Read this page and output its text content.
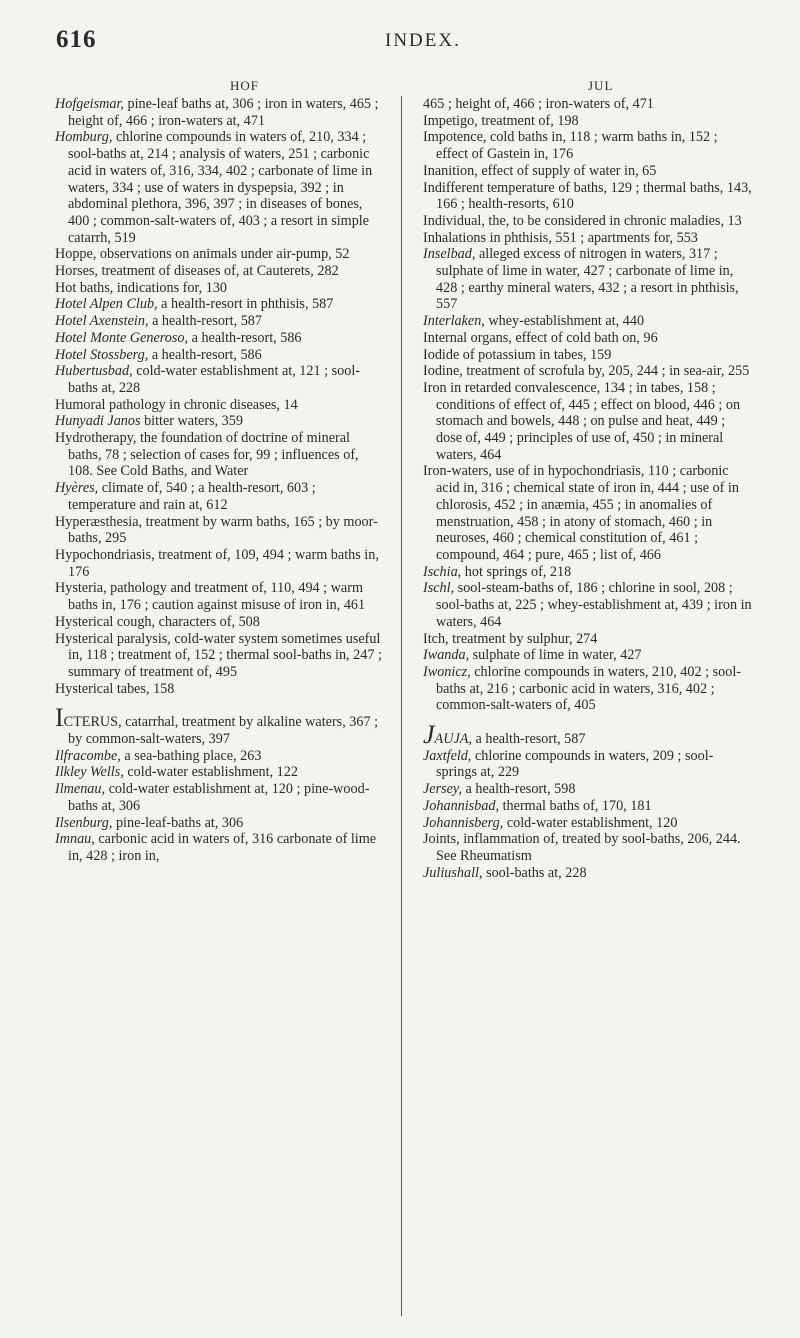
616	INDEX.
HOF	JUL

Hofgeismar, pine-leaf baths at, 306 ; iron in waters, 465 ; height of, 466 ; iron-waters at, 471

Homburg, chlorine compounds in waters of, 210, 334 ; sool-baths at, 214 ; analysis of waters, 251 ; carbonic acid in waters of, 316, 334, 402 ; carbonate of lime in waters, 334 ; use of waters in dyspepsia, 392 ; in abdominal plethora, 396, 397 ; in diseases of bones, 400 ; common-salt-waters of, 403 ; a resort in simple catarrh, 519

Hoppe, observations on animals under air-pump, 52

Horses, treatment of diseases of, at Cauterets, 282

Hot baths, indications for, 130

Hotel Alpen Club, a health-resort in phthisis, 587

Hotel Axenstein, a health-resort, 587

Hotel Monte Generoso, a health-resort, 586

Hotel Stossberg, a health-resort, 586

Hubertusbad, cold-water establishment at, 121 ; sool-baths at, 228

Humoral pathology in chronic diseases, 14

Hunyadi Janos bitter waters, 359

Hydrotherapy, the foundation of doctrine of mineral baths, 78 ; selection of cases for, 99 ; influences of, 108. See Cold Baths, and Water

Hyères, climate of, 540 ; a health-resort, 603 ; temperature and rain at, 612

Hyperæsthesia, treatment by warm baths, 165 ; by moor-baths, 295

Hypochondriasis, treatment of, 109, 494 ; warm baths in, 176

Hysteria, pathology and treatment of, 110, 494 ; warm baths in, 176 ; caution against misuse of iron in, 461

Hysterical cough, characters of, 508

Hysterical paralysis, cold-water system sometimes useful in, 118 ; treatment of, 152 ; thermal sool-baths in, 247 ; summary of treatment of, 495

Hysterical tabes, 158

ICTERUS, catarrhal, treatment by alkaline waters, 367 ; by common-salt-waters, 397

Ilfracombe, a sea-bathing place, 263

Ilkley Wells, cold-water establishment, 122

Ilmenau, cold-water establishment at, 120 ; pine-wood-baths at, 306

Ilsenburg, pine-leaf-baths at, 306

Imnau, carbonic acid in waters of, 316 carbonate of lime in, 428 ; iron in,

465 ; height of, 466 ; iron-waters of, 471

Impetigo, treatment of, 198

Impotence, cold baths in, 118 ; warm baths in, 152 ; effect of Gastein in, 176

Inanition, effect of supply of water in, 65

Indifferent temperature of baths, 129 ; thermal baths, 143, 166 ; health-resorts, 610

Individual, the, to be considered in chronic maladies, 13

Inhalations in phthisis, 551 ; apartments for, 553

Inselbad, alleged excess of nitrogen in waters, 317 ; sulphate of lime in water, 427 ; carbonate of lime in, 428 ; earthy mineral waters, 432 ; a resort in phthisis, 557

Interlaken, whey-establishment at, 440

Internal organs, effect of cold bath on, 96

Iodide of potassium in tabes, 159

Iodine, treatment of scrofula by, 205, 244 ; in sea-air, 255

Iron in retarded convalescence, 134 ; in tabes, 158 ; conditions of effect of, 445 ; effect on blood, 446 ; on stomach and bowels, 448 ; on pulse and heat, 449 ; dose of, 449 ; principles of use of, 450 ; in mineral waters, 464

Iron-waters, use of in hypochondriasis, 110 ; carbonic acid in, 316 ; chemical state of iron in, 444 ; use of in chlorosis, 452 ; in anæmia, 455 ; in anomalies of menstruation, 458 ; in atony of stomach, 460 ; in neuroses, 460 ; chemical constitution of, 461 ; compound, 464 ; pure, 465 ; list of, 466

Ischia, hot springs of, 218

Ischl, sool-steam-baths of, 186 ; chlorine in sool, 208 ; sool-baths at, 225 ; whey-establishment at, 439 ; iron in waters, 464

Itch, treatment by sulphur, 274

Iwanda, sulphate of lime in water, 427

Iwonicz, chlorine compounds in waters, 210, 402 ; sool-baths at, 216 ; carbonic acid in waters, 316, 402 ; common-salt-waters of, 405

JAUJA, a health-resort, 587

Jaxtfeld, chlorine compounds in waters, 209 ; sool-springs at, 229

Jersey, a health-resort, 598

Johannisbad, thermal baths of, 170, 181

Johannisberg, cold-water establishment, 120

Joints, inflammation of, treated by sool-baths, 206, 244. See Rheumatism

Juliushall, sool-baths at, 228
